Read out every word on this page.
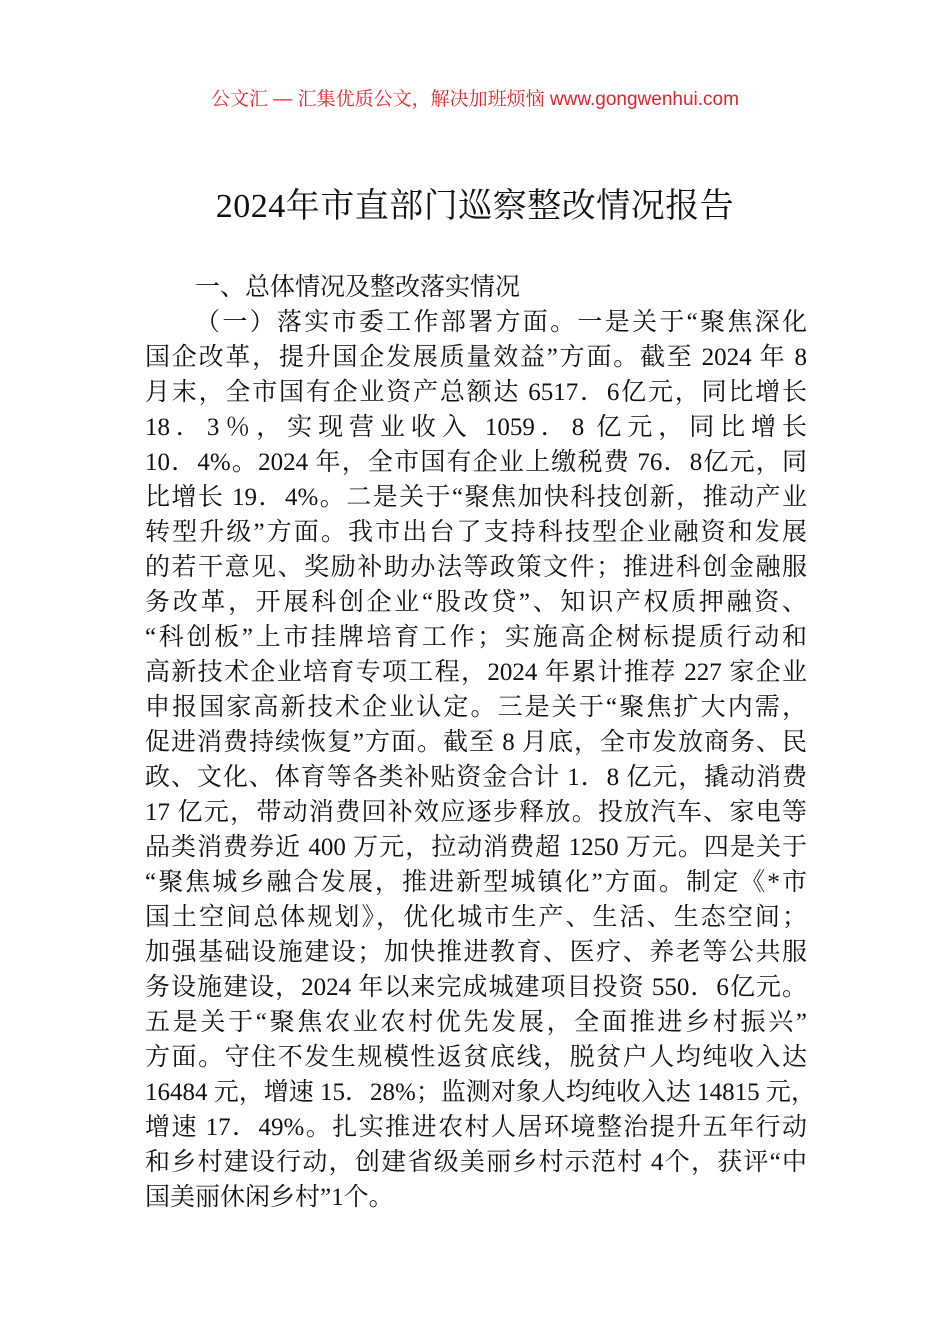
公文汇 — 汇集优质公文，解决加班烦恼 www.gongwenhui.com
2024年市直部门巡察整改情况报告

一、总体情况及整改落实情况

（一）落实市委工作部署方面。一是关于“聚焦深化
国企改革，提升国企发展质量效益”方面。截至 2024 年 8
月末，全市国有企业资产总额达 6517．6亿元，同比增长
18．3％，实现营业收入 1059．8 亿元，同比增长
10．4%。2024 年，全市国有企业上缴税费 76．8亿元，同
比增长 19．4%。二是关于“聚焦加快科技创新，推动产业
转型升级”方面。我市出台了支持科技型企业融资和发展
的若干意见、奖励补助办法等政策文件；推进科创金融服
务改革，开展科创企业“股改贷”、知识产权质押融资、
“科创板”上市挂牌培育工作；实施高企树标提质行动和
高新技术企业培育专项工程，2024 年累计推荐 227 家企业
申报国家高新技术企业认定。三是关于“聚焦扩大内需，
促进消费持续恢复”方面。截至 8 月底，全市发放商务、民
政、文化、体育等各类补贴资金合计 1．8 亿元，撬动消费
17 亿元，带动消费回补效应逐步释放。投放汽车、家电等
品类消费券近 400 万元，拉动消费超 1250 万元。四是关于
“聚焦城乡融合发展，推进新型城镇化”方面。制定《*市
国土空间总体规划》，优化城市生产、生活、生态空间；
加强基础设施建设；加快推进教育、医疗、养老等公共服
务设施建设，2024 年以来完成城建项目投资 550．6亿元。
五是关于“聚焦农业农村优先发展，全面推进乡村振兴”
方面。守住不发生规模性返贫底线，脱贫户人均纯收入达
16484 元，增速 15．28%；监测对象人均纯收入达 14815 元，
增速 17．49%。扎实推进农村人居环境整治提升五年行动
和乡村建设行动，创建省级美丽乡村示范村 4个，获评“中
国美丽休闲乡村”1个。
